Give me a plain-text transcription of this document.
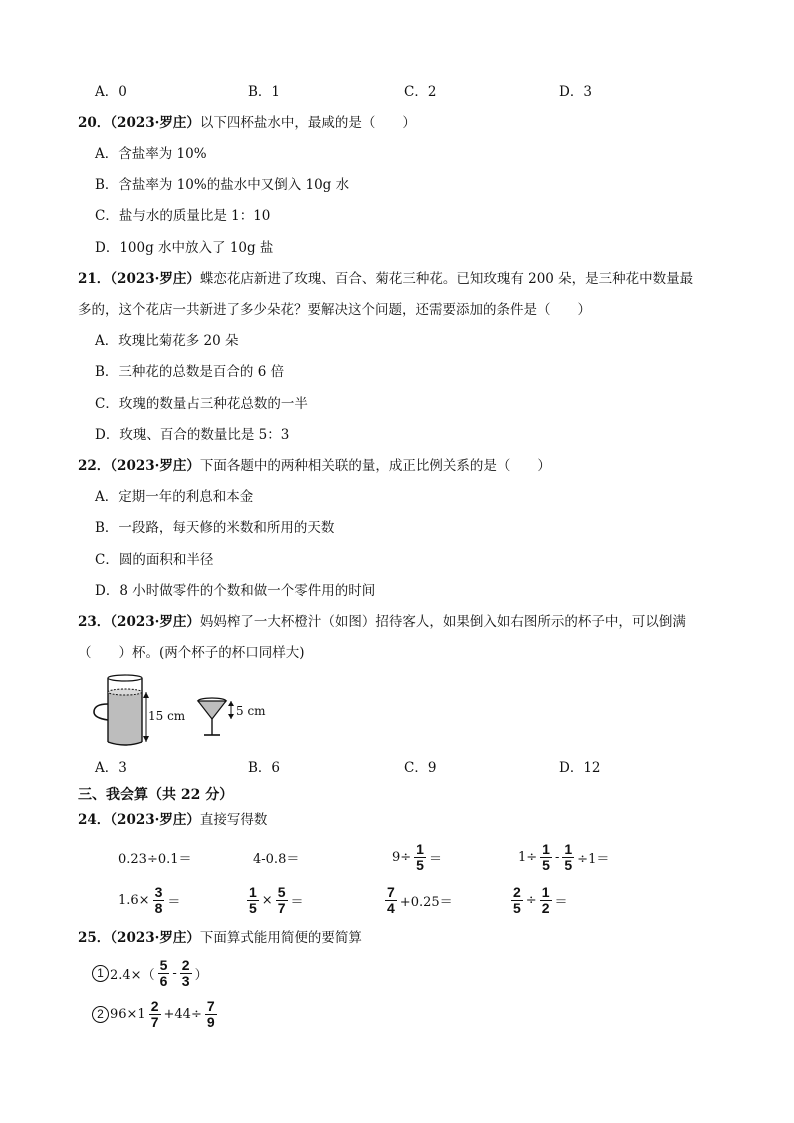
A．0	B．1	C．2	D．3
20．（2023·罗庄）以下四杯盐水中，最咸的是（　　）
A．含盐率为 10%
B．含盐率为 10%的盐水中又倒入 10g 水
C．盐与水的质量比是 1：10
D．100g 水中放入了 10g 盐
21．（2023·罗庄）蝶恋花店新进了玫瑰、百合、菊花三种花。已知玫瑰有 200 朵，是三种花中数量最
多的，这个花店一共新进了多少朵花？要解决这个问题，还需要添加的条件是（　　）
A．玫瑰比菊花多 20 朵
B．三种花的总数是百合的 6 倍
C．玫瑰的数量占三种花总数的一半
D．玫瑰、百合的数量比是 5：3
22．（2023·罗庄）下面各题中的两种相关联的量，成正比例关系的是（　　）
A．定期一年的利息和本金
B．一段路，每天修的米数和所用的天数
C．圆的面积和半径
D．8 小时做零件的个数和做一个零件用的时间
23．（2023·罗庄）妈妈榨了一大杯橙汁（如图）招待客人，如果倒入如右图所示的杯子中，可以倒满
（　　）杯。(两个杯子的杯口同样大)
15 cm	5 cm
A．3	B．6	C．9	D．12
三、我会算（共 22 分）
24．（2023·罗庄）直接写得数
0.23÷0.1＝	4-0.8＝	$9\div \frac{1}{5}$ ＝	$1\div \frac{1}{5} - \frac{1}{5} \div 1=$
$1.6\times \frac{3}{8}$ ＝	$\frac{1}{5} \times \frac{5}{7}$ ＝	$\frac{7}{4} +0.25=$	$\frac{2}{5} \div \frac{1}{2}$ ＝
25．（2023·罗庄）下面算式能用简便的要简算
1 $2.4\times( \frac{5}{6} - \frac{2}{3}$ ）
2 $96\times 1 \frac{2}{7} +44\div \frac{7}{9}$
